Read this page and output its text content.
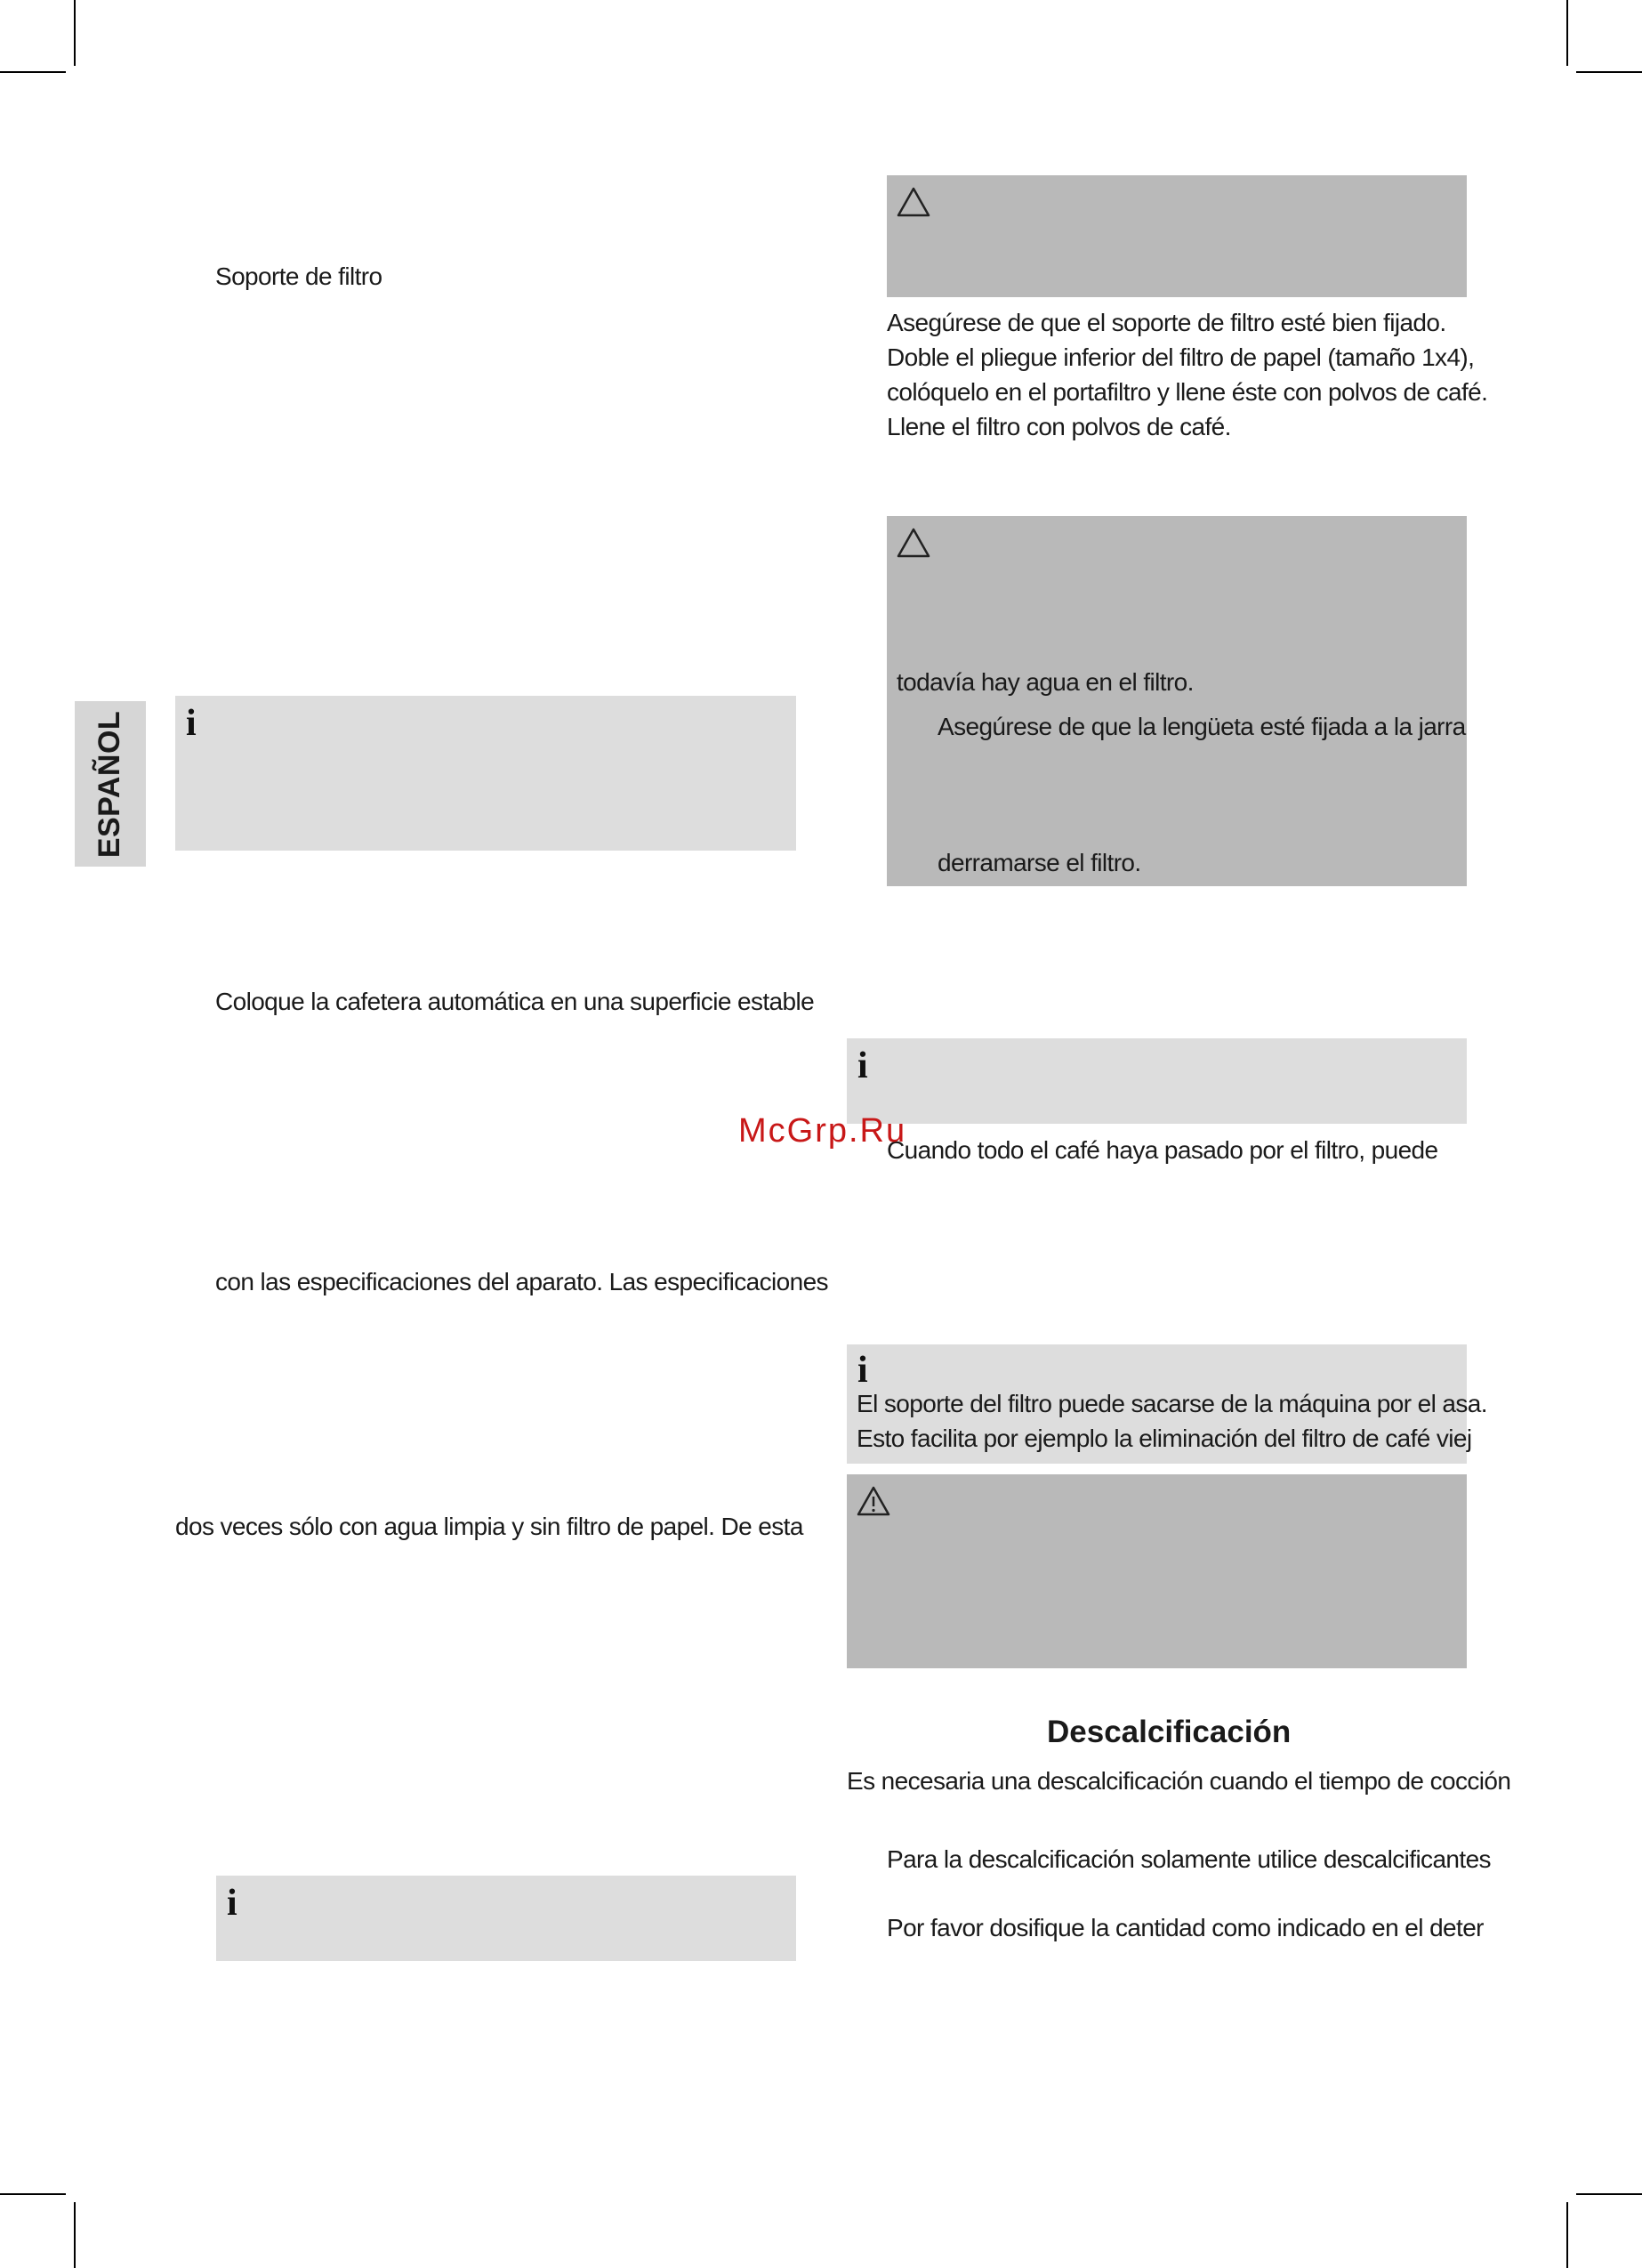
ESPAÑOL
Soporte de filtro
i
Coloque la cafetera automática en una superficie estable
con las especificaciones del aparato. Las especificaciones
dos veces sólo con agua limpia y sin filtro de papel. De esta
i
Asegúrese de que el soporte de filtro esté bien fijado.
Doble el pliegue inferior del filtro de papel (tamaño 1x4),
colóquelo en el portafiltro y llene éste con polvos de café.
Llene el filtro con polvos de café.
todavía hay agua en el filtro.
Asegúrese de que la lengüeta esté fijada a la jarra
derramarse el filtro.
i
Cuando todo el café haya pasado por el filtro, puede
i
El soporte del filtro puede sacarse de la máquina por el asa.
Esto facilita por ejemplo la eliminación del filtro de café viej
Descalcificación
Es necesaria una descalcificación cuando el tiempo de cocción
Para la descalcificación solamente utilice descalcificantes
Por favor dosifique la cantidad como indicado en el deter
McGrp.Ru
